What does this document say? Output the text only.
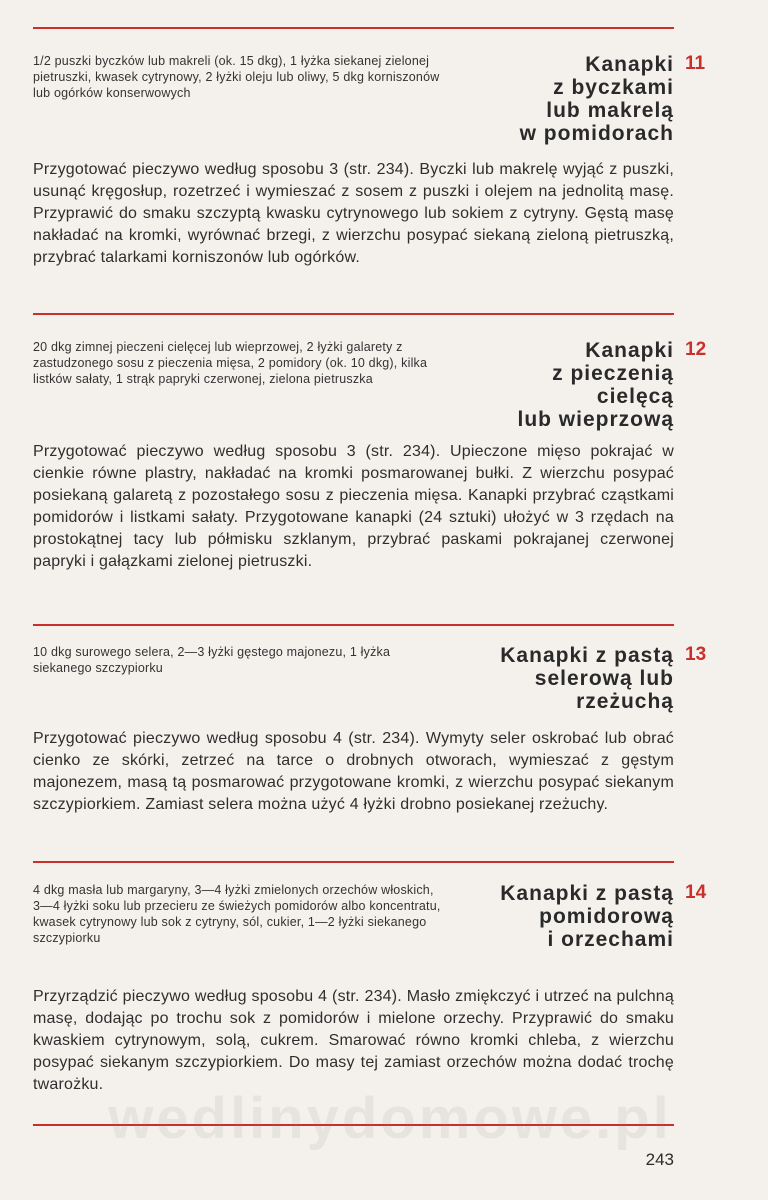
1/2 puszki byczków lub makreli (ok. 15 dkg), 1 łyżka siekanej zielonej pietruszki, kwasek cytrynowy, 2 łyżki oleju lub oliwy, 5 dkg korniszonów lub ogórków konserwowych
Kanapki
z byczkami
lub makrelą
w pomidorach
11
Przygotować pieczywo według sposobu 3 (str. 234). Byczki lub makrelę wyjąć z puszki, usunąć kręgosłup, rozetrzeć i wymieszać z sosem z puszki i olejem na jednolitą masę. Przyprawić do smaku szczyptą kwasku cytrynowego lub sokiem z cytryny. Gęstą masę nakładać na kromki, wyrównać brzegi, z wierzchu posypać siekaną zieloną pietruszką, przybrać talarkami korniszonów lub ogórków.
20 dkg zimnej pieczeni cielęcej lub wieprzowej, 2 łyżki galarety z zastudzonego sosu z pieczenia mięsa, 2 pomidory (ok. 10 dkg), kilka listków sałaty, 1 strąk papryki czerwonej, zielona pietruszka
Kanapki
z pieczenią
cielęcą
lub wieprzową
12
Przygotować pieczywo według sposobu 3 (str. 234). Upieczone mięso pokrajać w cienkie równe plastry, nakładać na kromki posmarowanej bułki. Z wierzchu posypać posiekaną galaretą z pozostałego sosu z pieczenia mięsa. Kanapki przybrać cząstkami pomidorów i listkami sałaty. Przygotowane kanapki (24 sztuki) ułożyć w 3 rzędach na prostokątnej tacy lub półmisku szklanym, przybrać paskami pokrajanej czerwonej papryki i gałązkami zielonej pietruszki.
10 dkg surowego selera, 2—3 łyżki gęstego majonezu, 1 łyżka siekanego szczypiorku
Kanapki z pastą
selerową lub
rzeżuchą
13
Przygotować pieczywo według sposobu 4 (str. 234). Wymyty seler oskrobać lub obrać cienko ze skórki, zetrzeć na tarce o drobnych otworach, wymieszać z gęstym majonezem, masą tą posmarować przygotowane kromki, z wierzchu posypać siekanym szczypiorkiem. Zamiast selera można użyć 4 łyżki drobno posiekanej rzeżuchy.
4 dkg masła lub margaryny, 3—4 łyżki zmielonych orzechów włoskich, 3—4 łyżki soku lub przecieru ze świeżych pomidorów albo koncentratu, kwasek cytrynowy lub sok z cytryny, sól, cukier, 1—2 łyżki siekanego szczypiorku
Kanapki z pastą
pomidorową
i orzechami
14
Przyrządzić pieczywo według sposobu 4 (str. 234). Masło zmiękczyć i utrzeć na pulchną masę, dodając po trochu sok z pomidorów i mielone orzechy. Przyprawić do smaku kwaskiem cytrynowym, solą, cukrem. Smarować równo kromki chleba, z wierzchu posypać siekanym szczypiorkiem. Do masy tej zamiast orzechów można dodać trochę twarożku.
wedlinydomowe.pl
243
